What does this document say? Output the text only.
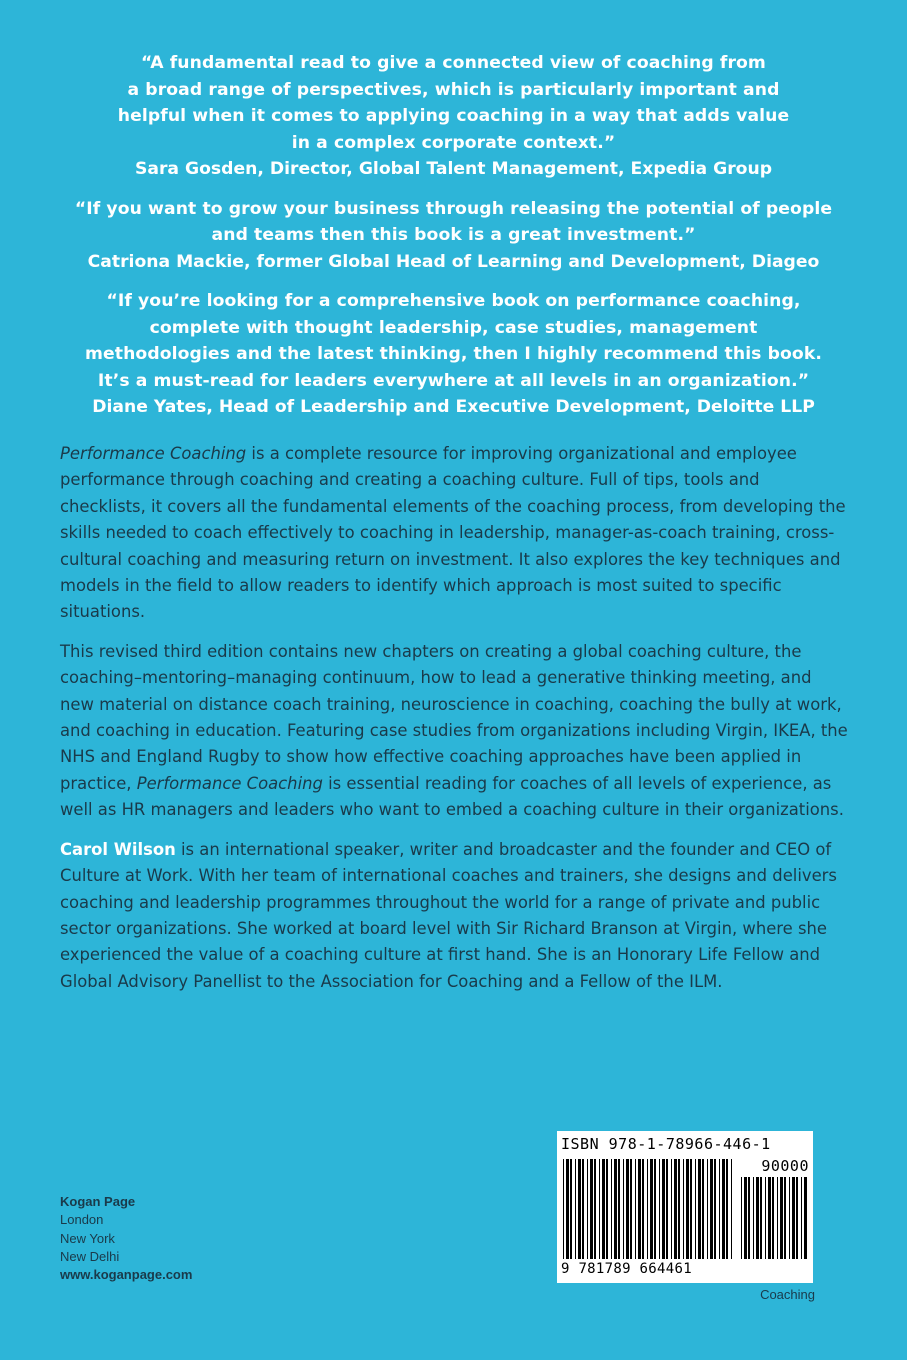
“A fundamental read to give a connected view of coaching from
a broad range of perspectives, which is particularly important and
helpful when it comes to applying coaching in a way that adds value
in a complex corporate context.”
Sara Gosden, Director, Global Talent Management, Expedia Group
“If you want to grow your business through releasing the potential of people
and teams then this book is a great investment.”
Catriona Mackie, former Global Head of Learning and Development, Diageo
“If you’re looking for a comprehensive book on performance coaching,
complete with thought leadership, case studies, management
methodologies and the latest thinking, then I highly recommend this book.
It’s a must-read for leaders everywhere at all levels in an organization.”
Diane Yates, Head of Leadership and Executive Development, Deloitte LLP

Performance Coaching is a complete resource for improving organizational and employee performance through coaching and creating a coaching culture. Full of tips, tools and checklists, it covers all the fundamental elements of the coaching process, from developing the skills needed to coach effectively to coaching in leadership, manager-as-coach training, cross-cultural coaching and measuring return on investment. It also explores the key techniques and models in the field to allow readers to identify which approach is most suited to specific situations.

This revised third edition contains new chapters on creating a global coaching culture, the coaching–mentoring–managing continuum, how to lead a generative thinking meeting, and new material on distance coach training, neuroscience in coaching, coaching the bully at work, and coaching in education. Featuring case studies from organizations including Virgin, IKEA, the NHS and England Rugby to show how effective coaching approaches have been applied in practice, Performance Coaching is essential reading for coaches of all levels of experience, as well as HR managers and leaders who want to embed a coaching culture in their organizations.

Carol Wilson is an international speaker, writer and broadcaster and the founder and CEO of Culture at Work. With her team of international coaches and trainers, she designs and delivers coaching and leadership programmes throughout the world for a range of private and public sector organizations. She worked at board level with Sir Richard Branson at Virgin, where she experienced the value of a coaching culture at first hand. She is an Honorary Life Fellow and Global Advisory Panellist to the Association for Coaching and a Fellow of the ILM.

Kogan Page
London
New York
New Delhi
www.koganpage.com
ISBN 978-1-78966-446-1
90000
9 781789 664461
Coaching
